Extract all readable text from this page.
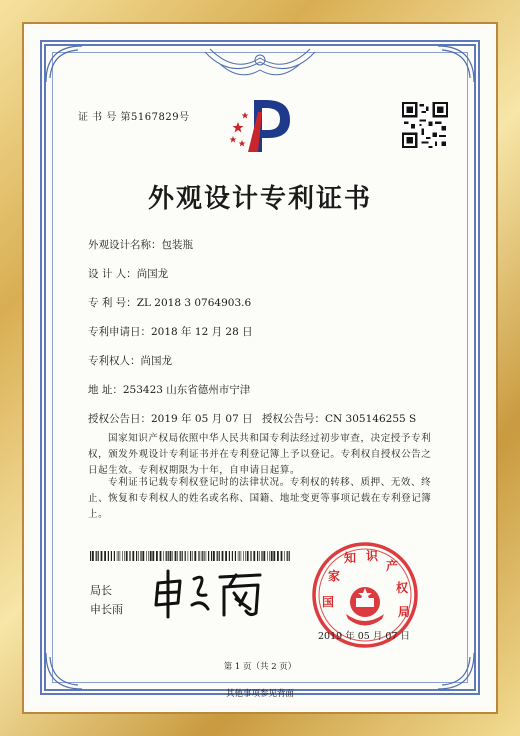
证 书 号 第5167829号
外观设计专利证书
外观设计名称：包装瓶
设 计 人：尚国龙
专 利 号：ZL 2018 3 0764903.6
专利申请日：2018 年 12 月 28 日
专利权人：尚国龙
地 址：253423 山东省德州市宁津
授权公告日：2019 年 05 月 07 日 授权公告号：CN 305146255 S
国家知识产权局依照中华人民共和国专利法经过初步审查，决定授予专利权，颁发外观设计专利证书并在专利登记簿上予以登记。专利权自授权公告之日起生效。专利权期限为十年，自申请日起算。
专利证书记载专利权登记时的法律状况。专利权的转移、质押、无效、终止、恢复和专利权人的姓名或名称、国籍、地址变更等事项记载在专利登记簿上。
局长
申长雨
国
家
知 识
产
权
局
2019 年 05 月 07 日
第 1 页（共 2 页）
其他事项参见背面
